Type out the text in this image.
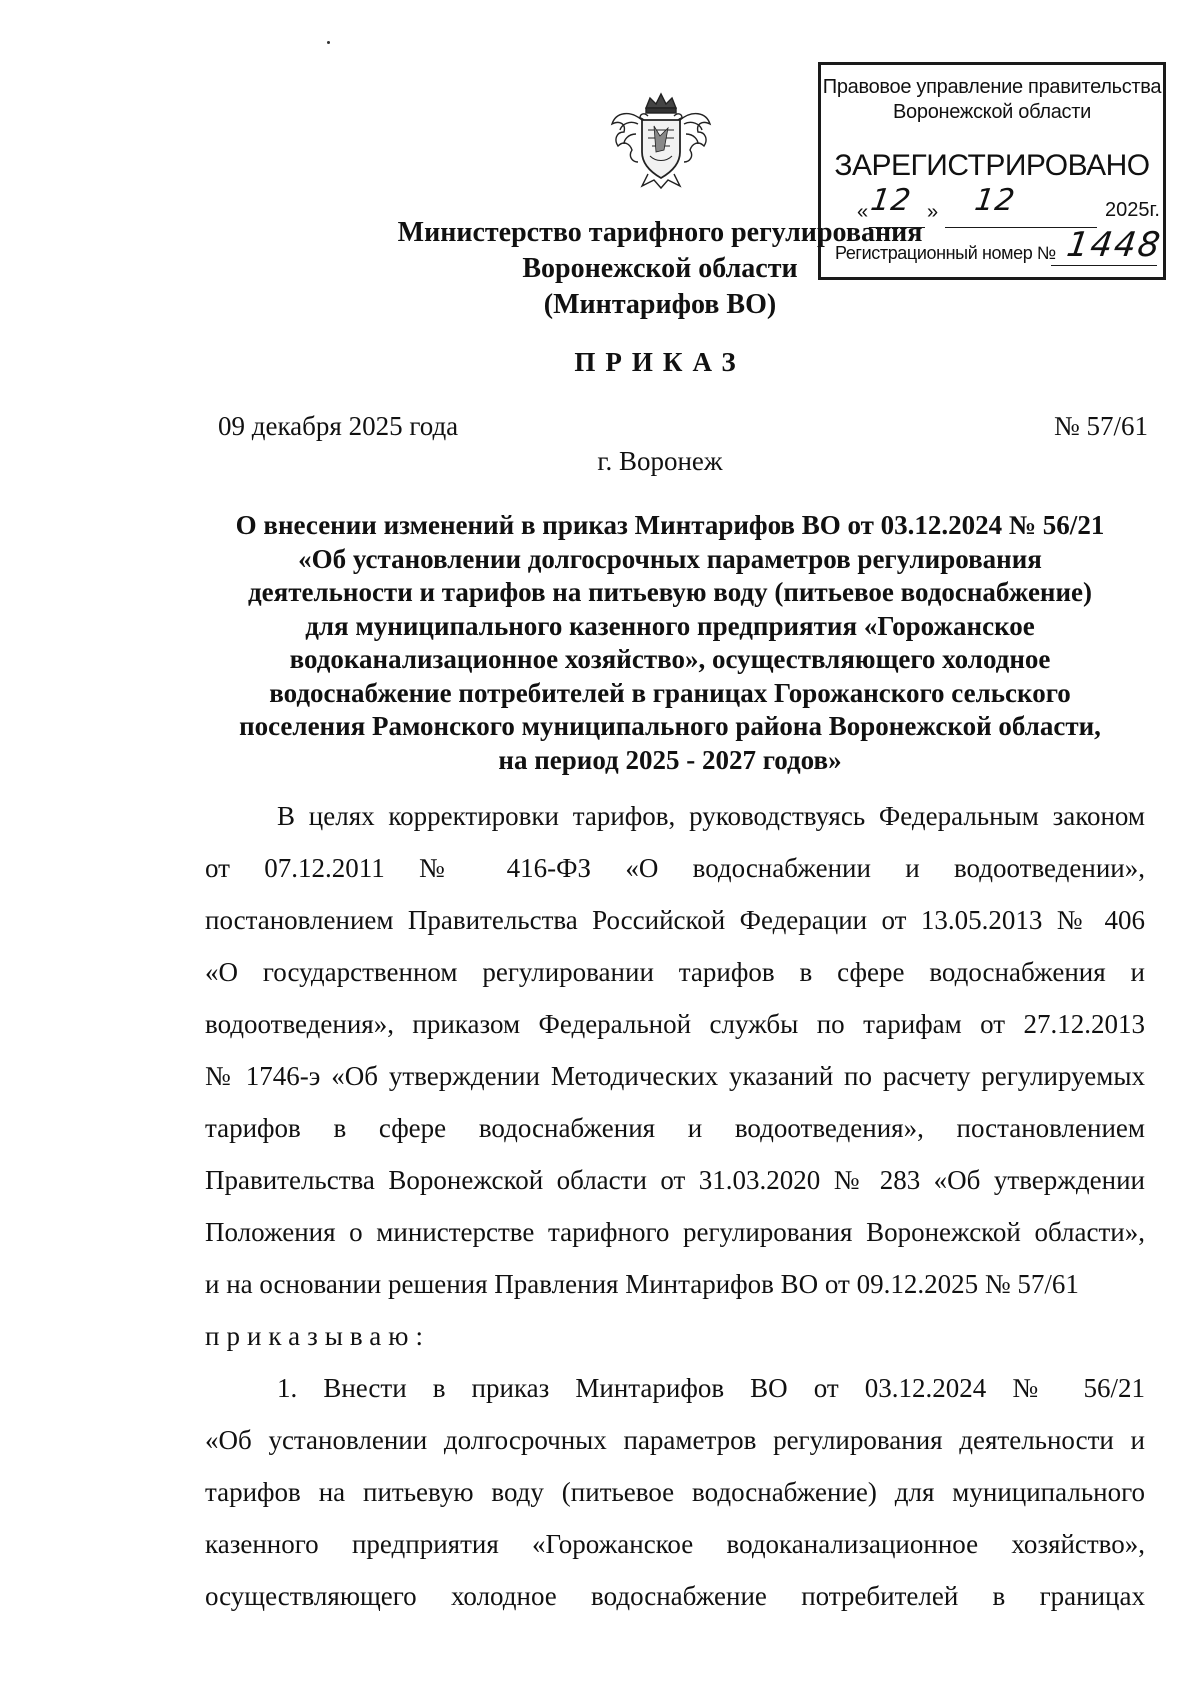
Правовое управление правительства
Воронежской области
ЗАРЕГИСТРИРОВАНО
« 12 » 12	2025г.
Регистрационный номер № 1448
Министерство тарифного регулирования
Воронежской области
(Минтарифов ВО)
ПРИКАЗ
09 декабря 2025 года	№ 57/61
г. Воронеж
О внесении изменений в приказ Минтарифов ВО от 03.12.2024 № 56/21
«Об установлении долгосрочных параметров регулирования
деятельности и тарифов на питьевую воду (питьевое водоснабжение)
для муниципального казенного предприятия «Горожанское
водоканализационное хозяйство», осуществляющего холодное
водоснабжение потребителей в границах Горожанского сельского
поселения Рамонского муниципального района Воронежской области,
на период 2025 - 2027 годов»
В целях корректировки тарифов, руководствуясь Федеральным законом
от 07.12.2011 № 416-ФЗ «О водоснабжении и водоотведении»,
постановлением Правительства Российской Федерации от 13.05.2013 № 406
«О государственном регулировании тарифов в сфере водоснабжения и
водоотведения», приказом Федеральной службы по тарифам от 27.12.2013
№ 1746-э «Об утверждении Методических указаний по расчету регулируемых
тарифов в сфере водоснабжения и водоотведения», постановлением
Правительства Воронежской области от 31.03.2020 № 283 «Об утверждении
Положения о министерстве тарифного регулирования Воронежской области»,
и на основании решения Правления Минтарифов ВО от 09.12.2025 № 57/61
приказываю:
1. Внести в приказ Минтарифов ВО от 03.12.2024 № 56/21
«Об установлении долгосрочных параметров регулирования деятельности и
тарифов на питьевую воду (питьевое водоснабжение) для муниципального
казенного предприятия «Горожанское водоканализационное хозяйство»,
осуществляющего холодное водоснабжение потребителей в границах
